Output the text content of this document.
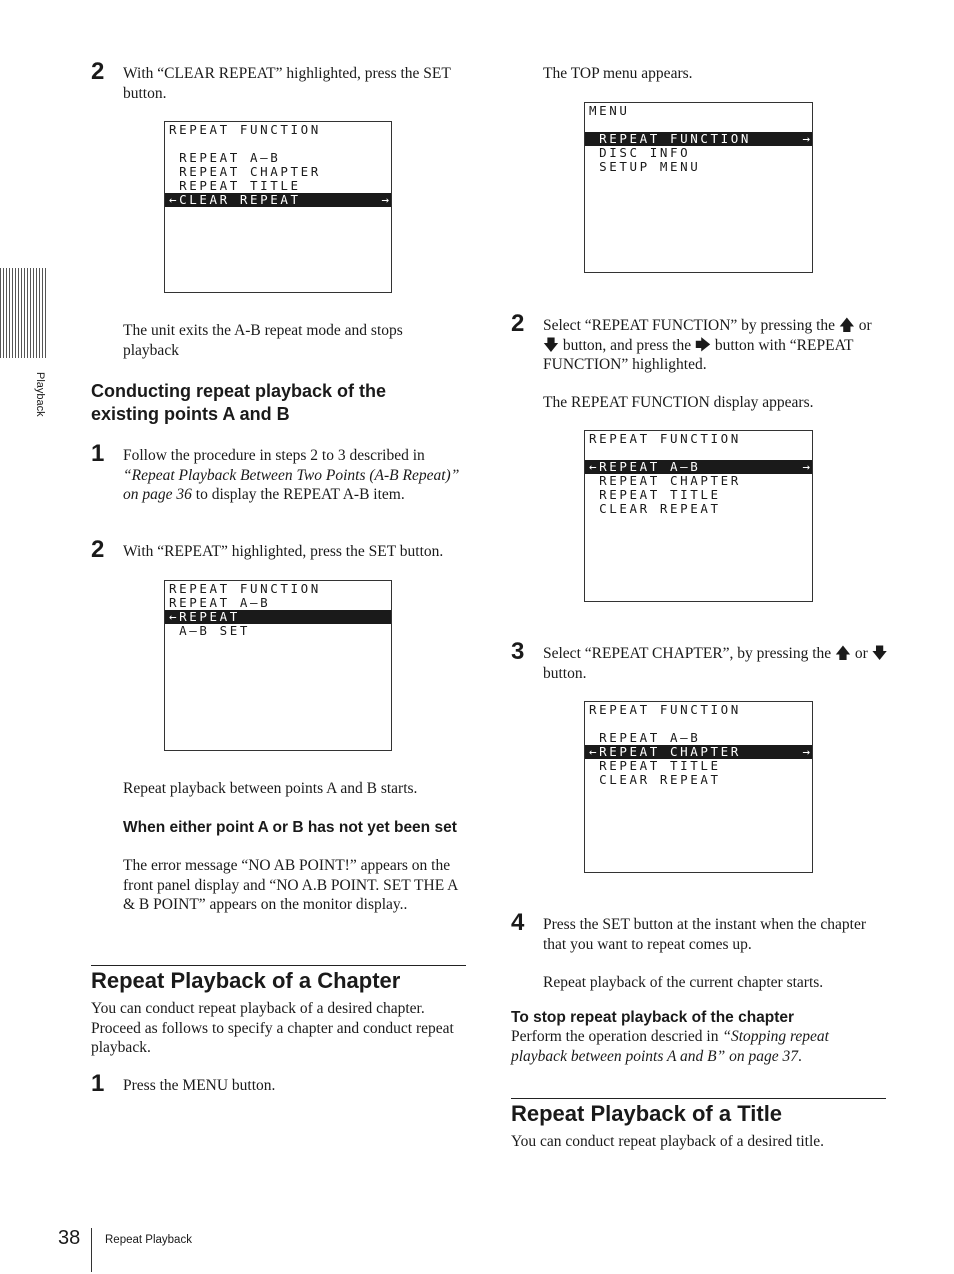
Playback
2 With “CLEAR REPEAT” highlighted, press the SET button.
REPEAT FUNCTION
REPEAT A—B
REPEAT CHAPTER
REPEAT TITLE
←CLEAR REPEAT	→
The unit exits the A-B repeat mode and stops playback
Conducting repeat playback of the existing points A and B
1 Follow the procedure in steps 2 to 3 described in “Repeat Playback Between Two Points (A-B Repeat)” on page 36 to display the REPEAT A-B item.
2 With “REPEAT” highlighted, press the SET button.
REPEAT FUNCTION
REPEAT A—B
←REPEAT
A—B SET
Repeat playback between points A and B starts.
When either point A or B has not yet been set
The error message “NO AB POINT!” appears on the front panel display and “NO A.B POINT. SET THE A & B POINT” appears on the monitor display..
Repeat Playback of a Chapter
You can conduct repeat playback of a desired chapter. Proceed as follows to specify a chapter and conduct repeat playback.
1 Press the MENU button.
The TOP menu appears.
MENU
REPEAT FUNCTION	→
DISC INFO
SETUP MENU
2 Select “REPEAT FUNCTION” by pressing the 🡅 or 🡇 button, and press the 🡆 button with “REPEAT FUNCTION” highlighted.
The REPEAT FUNCTION display appears.
REPEAT FUNCTION
←REPEAT A—B	→
REPEAT CHAPTER
REPEAT TITLE
CLEAR REPEAT
3 Select “REPEAT CHAPTER”, by pressing the 🡅 or 🡇 button.
REPEAT FUNCTION
REPEAT A—B
←REPEAT CHAPTER	→
REPEAT TITLE
CLEAR REPEAT
4 Press the SET button at the instant when the chapter that you want to repeat comes up.
Repeat playback of the current chapter starts.
To stop repeat playback of the chapter
Perform the operation descried in “Stopping repeat playback between points A and B” on page 37.
Repeat Playback of a Title
You can conduct repeat playback of a desired title.
38 Repeat Playback
